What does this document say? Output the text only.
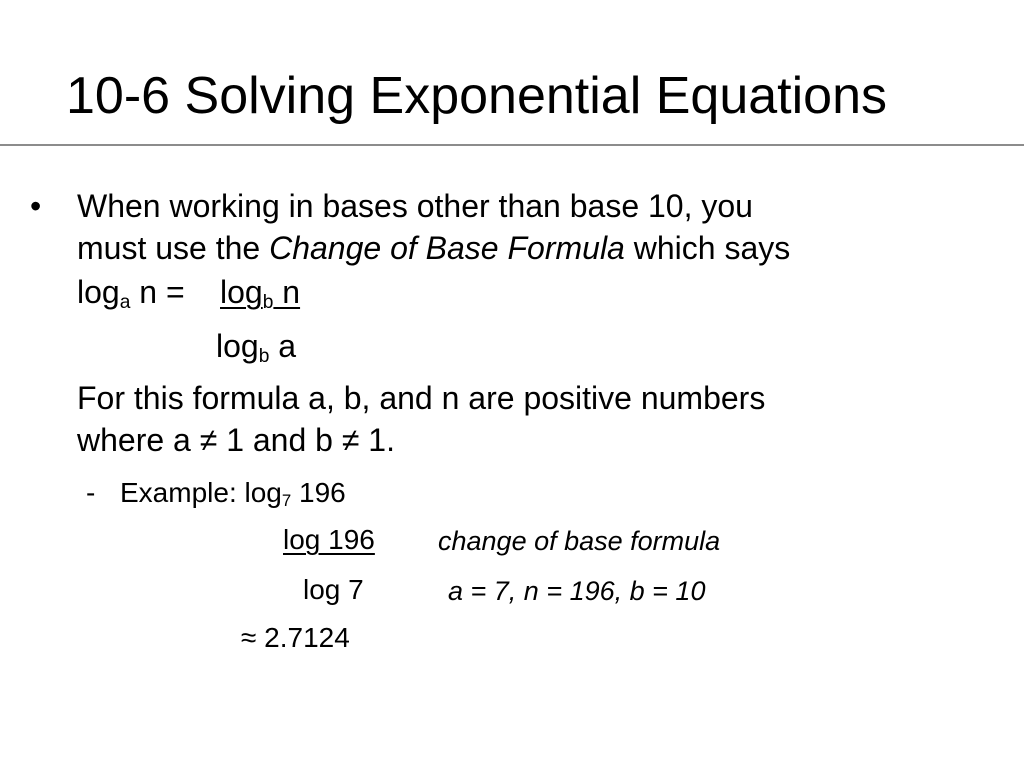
10-6 Solving Exponential Equations
• When working in bases other than base 10, you
must use the Change of Base Formula which says
$\log_a n = \log_b n$
$\log_b a$
For this formula a, b, and n are positive numbers
where a ≠ 1 and b ≠ 1.
- Example: $\log_7 196$
log 196 change of base formula
log 7	a = 7, n = 196, b = 10
≈ 2.7124
